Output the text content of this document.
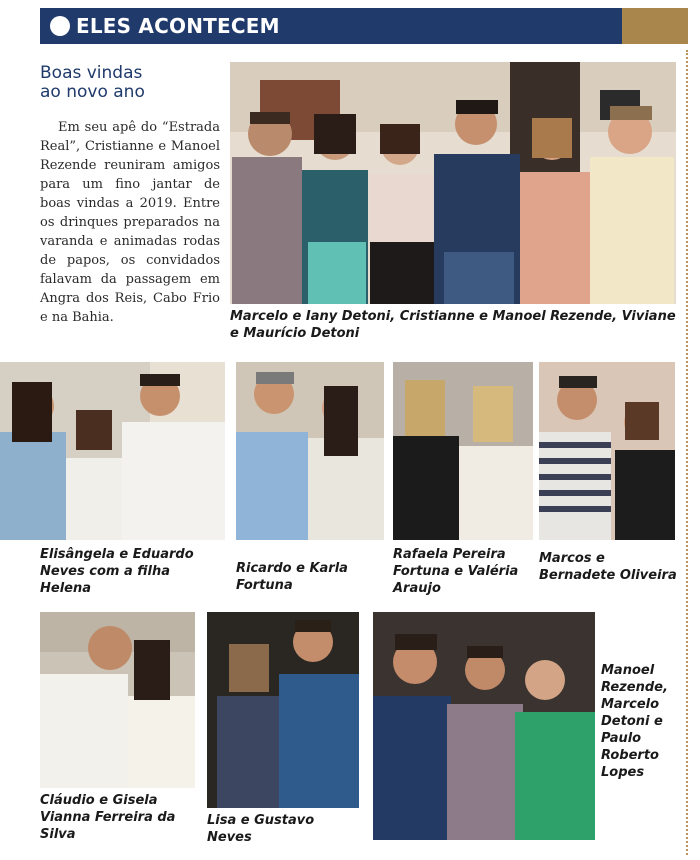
ELES ACONTECEM
Boas vindas
ao novo ano
Em seu apê do “Estrada Real”, Cristianne e Manoel Rezende reuniram amigos para um fino jantar de boas vindas a 2019. Entre os drinques preparados na varanda e animadas rodas de papos, os convidados falavam da passagem em Angra dos Reis, Cabo Frio e na Bahia.	Marcelo e Iany Detoni, Cristianne e Manoel Rezende, Viviane e Maurício Detoni
Elisângela e Eduardo Neves com a filha Helena
Ricardo e Karla Fortuna
Rafaela Pereira Fortuna e Valéria Araujo
Marcos e Bernadete Oliveira
Cláudio e Gisela Vianna Ferreira da Silva
Lisa e Gustavo Neves
Manoel Rezende, Marcelo Detoni e Paulo Roberto Lopes
